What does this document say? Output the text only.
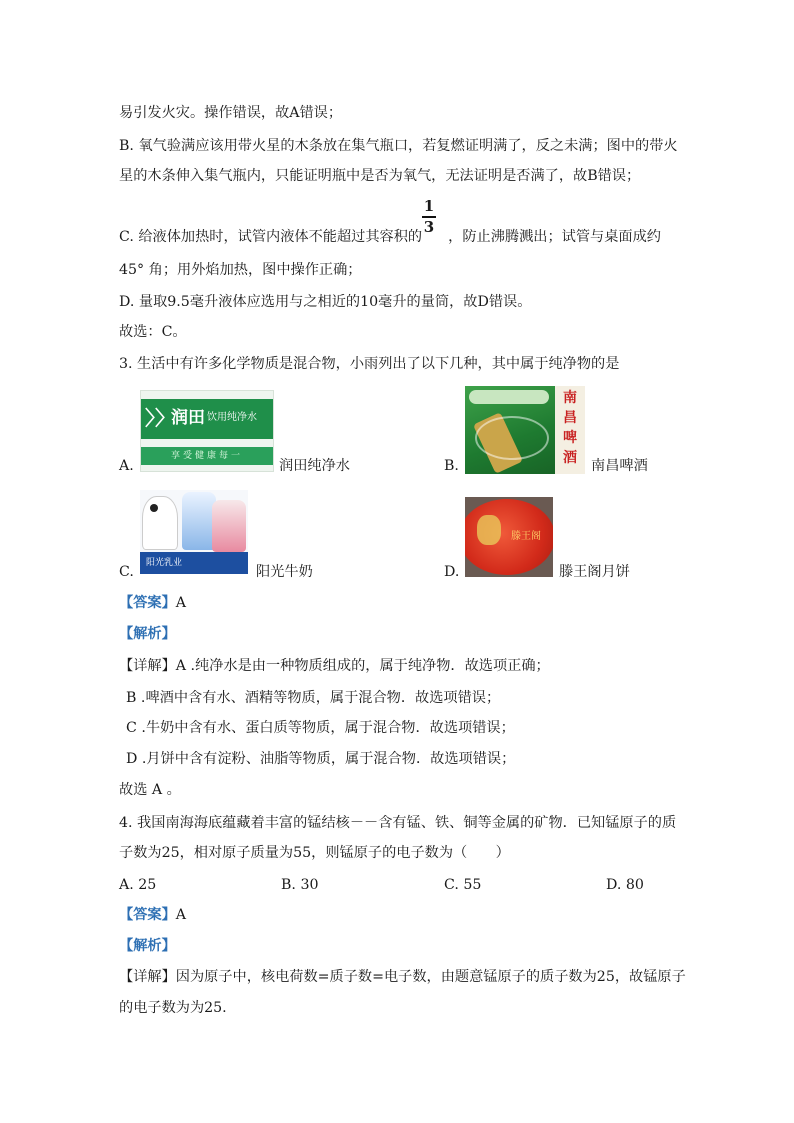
易引发火灾。操作错误，故A错误；
B. 氧气验满应该用带火星的木条放在集气瓶口，若复燃证明满了，反之未满；图中的带火
星的木条伸入集气瓶内，只能证明瓶中是否为氧气，无法证明是否满了，故B错误；
C. 给液体加热时，试管内液体不能超过其容积的 ，防止沸腾溅出；试管与桌面成约
1
3
45° 角；用外焰加热，图中操作正确；
D. 量取9.5毫升液体应选用与之相近的10毫升的量筒，故D错误。
故选：C。
3. 生活中有许多化学物质是混合物，小雨列出了以下几种，其中属于纯净物的是
〉〉
润田 饮用纯净水
享受健康每一
A.	润田纯净水
南昌啤酒
B.	南昌啤酒
阳光乳业
C.	阳光牛奶
滕王阁
D.	滕王阁月饼
【答案】A
【解析】
【详解】A .纯净水是由一种物质组成的，属于纯净物．故选项正确；
B .啤酒中含有水、酒精等物质，属于混合物．故选项错误；
C .牛奶中含有水、蛋白质等物质，属于混合物．故选项错误；
D .月饼中含有淀粉、油脂等物质，属于混合物．故选项错误；
故选 A 。
4. 我国南海海底蕴藏着丰富的锰结核－－含有锰、铁、铜等金属的矿物．已知锰原子的质
子数为25，相对原子质量为55，则锰原子的电子数为（　　）
A. 25	B. 30	C. 55	D. 80
【答案】A
【解析】
【详解】因为原子中，核电荷数=质子数=电子数，由题意锰原子的质子数为25，故锰原子
的电子数为为25.
